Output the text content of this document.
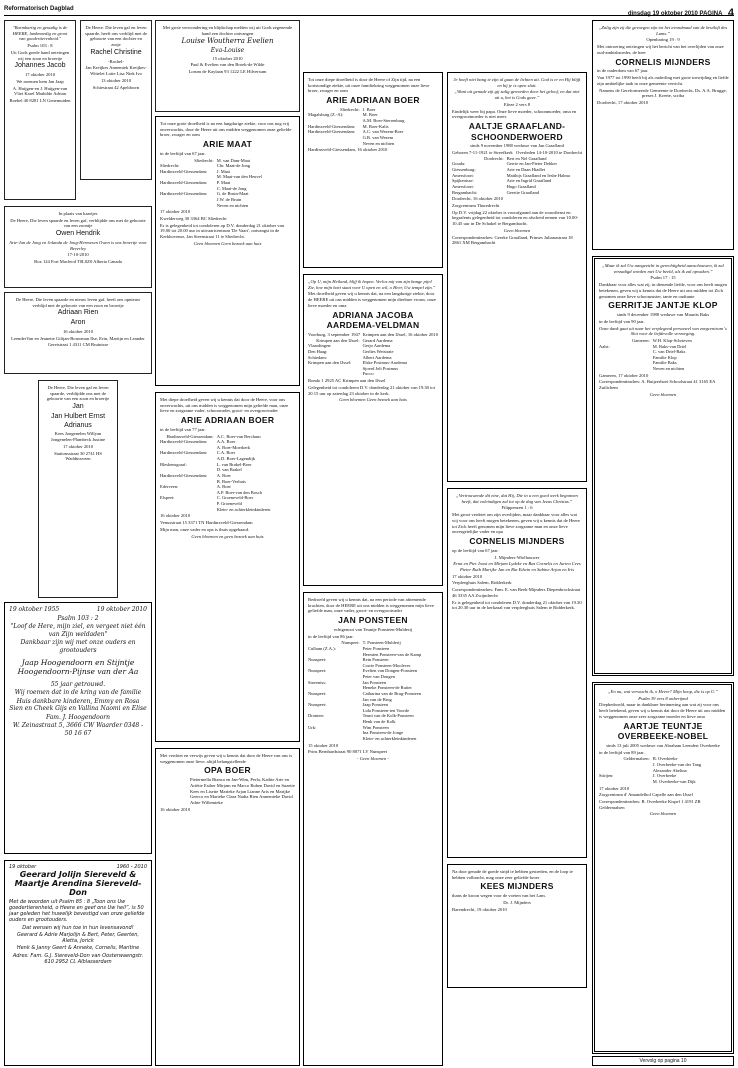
Reformatorisch Dagblad
dinsdag 19 oktober 2010 PAGINA 4

"Barmhartig en genadig is de HEERE, lankmoedig en groot van goedertierenheid."

Psalm 103 : 8

Uit Gods goede hand ontvingen wij een zoon en broertje

Johannes Jacob

17 oktober 2010

We noemen hem Jan Jaap

A. Huijgen-en J. Huijgen-van Vliet Karel Mathilde Adrian

Boebel 40 8281 LN Genemuiden

De Heere. Die leven gaf en leven spaarde, heeft ons verblijd met de geboorte van een dochter en zusje

Rachel Christine

-Rachel-

Jan Kreijkes Annemiek Kreijkes-Wittelet Lotte Lisa Niek Ivo

13 oktober 2010

Schiestraat 42 Apeldoorn

In plaats van kaartjes

De Heere, Die leven spaarde en leven gaf, verblijdde ons met de geboorte van een zoontje

Owen Hendrik

Arie-Jan de Jong en Jolanda de Jong-Hermesen Owen is ons broertje voor Beverley

17-10-2010

Box 124 Fort Macleod T0L0Z0 Alberta Canada

De Heere, Die leven spaarde en nieuw leven gaf, heeft ons opnieuw verblijd met de geboorte van een zoon en broertje

Adriaan Rien

Aron

16 oktober 2010

LeenderVan en Jeanette Gilijan-Bouwman Ilse, Erin, Martijn en Leander

Geretstraat 1 4311 CM Bruinisse

De Heere, Die leven gaf en leven spaarde, verblijdde ons met de geboorte van een zoon en broertje

Jan

Jan Hulbert Ernst Adrianus

Kees Jongenelen Willyan Jongenelen-Plambeck Justine

17 oktober 2010

Stationsstraat 30 2741 HS Waddinxveen

19 oktober 1955	19 oktober 2010

Psalm 103 : 2

"Loof de Here, mijn ziel, en vergeet niet één van Zijn weldaden"

Dankbaar zijn wij met onze ouders en grootouders

Jaap Hoogendoorn en Stijntje Hoogendoorn-Pijnse van der Aa

55 jaar getrouwd.

Wij roemen dat in de kring van de familie

Huis dankbare kinderen, Emmy en Rosa Sien en Cheek Gijs en Vallina Naomi en Elise

Fam. J. Hoogendoorn

W. Zeinastraat 5, 3666 CW Waarder 0348 - 50 16 67

19 oktober	1960 - 2010

Geerard Jolijn Siereveld & Maartje Arendina Siereveld-Don

Met de woorden uit Psalm 85 : 8 „Toon ons Uw goedertierenheid, o Heere en geef ons Uw heil”, is 50 jaar geleden het huwelijk bevestigd van onze geliefde ouders en grootouders.

Dat wensen wij hun toe in hun levensavond!

Geerard & Adrie Marjolijn & Bert, Peter, Geerten, Aletta, Jorick

Henk & Janny Geert & Anneke, Cornelis, Maritine

Adres: Fam. G.J. Siereveld-Don van Oosterwaengstr. 610 2952 CL Alblasserdam

Met grote verwondering en blijdschap melden wij uit Gods zegenende hand een dochter ontvangen

Louise Woutherra Evelien

Eva-Louise

15 oktober 2010

Paul & Evelien van den Broek-de Wilde

Lorum de Kaylaan 93 1222 LE Hilversum

Tot onze grote droefheid is na een langdurige ziekte, voor ons nog vrij onverwachts, door de Heere uit ons midden weggenomen onze geliefde broer, zwager en oom

ARIE MAAT

in de leeftijd van 67 jaar.

Sliedrecht: M. van Dam-Maat
Sliedrecht:	Chr. Maat-de Jong
Hardinxveld-Giessendam:	J. Maat
M. Maat-van den Heuvel
Hardinxveld-Giessendam:	P. Maat
C. Maat-de Jong
Hardinxveld-Giessendam:	G. de Bruin-Maat
J.W. de Bruin
Neven en nichten

17 oktober 2010

Kwelderweg 30 3364 BC Sliedrecht

Er is gelegenheid tot condoleren op D.V. donderdag 21 oktober van 19.00 tot 20.00 uur in uitvaartcentrum 'De Vaart', ontvangst in de Kerkhovense, Jan Steenstraat 11 te Sliedrecht.

Geen bloemen Geen bezoek aan huis

Met diepe droefheid geven wij u kennis dat door de Heere, voor ons onverwachts, uit ons midden is weggenomen mijn geliefde man, onze lieve en zorgzame vader, schoonvader, groot- en overgrootvader

ARIE ADRIAAN BOER

in de leeftijd van 77 jaar.

Hardinxveld-Giessendam: A.C. Boer-van Berchum
Hardinxveld-Giessendam:	A.A. Boer
A. Boer-Moerkerk
Hardinxveld-Giessendam:	C.A. Boer
A.D. Boer-Lagendijk
Bleskensgraaf:	L. van Brakel-Boer
D. van Brakel
Hardinxveld-Giessendam:	A. Boer
B. Boer-Verhuis
Ederveen:	A. Boer
A.P. Boer-van den Bosch
Elspeet:	C. Groeneveld-Boer
P. Groeneveld
Klein- en achterkleinkinderen

16 oktober 2010

Venusstraat 15 3371 TN Hardinxveld-Giessendam

Mijn man, onze vader en opa is thuis opgebaard.

Geen bloemen en geen bezoek aan huis

Met verdriet en verwijs geven wij u kennis dat door de Heere van ons is weggenomen onze lieve, altijd belangstellende

OPA BOER

Pietermella Bianca en Jan-Wim, Perla, Kathie Arie en Ariëtte Esther Mirjam en Marco Ruben David en Suzette Kees en Lisette Marieke Arjan Lianne Aris en Marijke Geerco en Marieke Clara Nadia Bien Annemieke David Adrie Willemieke

16 oktober 2010

Tot onze diepe droefheid is door de Heere of Zijn tijd, na een kortstondige ziekte, uit onze familiekring weggenomen onze lieve broer, zwager en oom

ARIE ADRIAAN BOER

Sliedrecht: J. Boer
Magalsburg (Z.-A):	M. Boer
A.M. Boer-Sterrenburg
Hardinxveld-Giessendam:	M. Boer-Kalis
Hardinxveld-Giessendam:	A.C. van Wezem-Boer
G.R. van Wezem
Neven en nichten

Hardinxveld-Giessendam, 16 oktober 2010

„Op U, mijn Heiland, blijf ik hopen. Verlos mij van zijn bange pijn! Zie, hoe mijn hart staat voor U open en wil, o Heer, Uw tempel zijn.”

Met droefheid geven wij u kennis dat, na een langdurige ziekte, door de HEERE uit ons midden is weggenomen mijn dierbare vrouw, onze lieve moeder en oma

ADRIANA JACOBA AARDEMA-VELDMAN

Voorburg, 3 september 1947 Krimpen aan den IJssel, 16 oktober 2010
Krimpen aan den IJssel: Gerard Aardema
Vlaardingen:	Gerjo Aardema
Den Haag:	Gerlies Wetstrate
Schiedam:	Albert Aardema
Krimpen aan den IJssel:	Elske Postmus-Aardema
Sjoerd Jelt Postmus
Fucco

Rondo 1 2925 AC Krimpen aan den IJssel

Gelegenheid tot condoleren D.V. donderdag 21 oktober van 19.30 tot 20.15 uur op zaterdag 23 oktober in de kerk.

Geen bloemen Geen bezoek aan huis

Bedroefd geven wij u kennis dat, na een periode van afnemende krachten, door de HEERE uit ons midden is weggenomen mijn lieve geliefde man, onze vader, groot- en overgrootvader

JAN PONSTEEN

echtgenoot van Teuntje Ponsteen-Mulderij

in de leeftijd van 86 jaar.

Nunspeet: T. Ponsteen-Mulderij
Culham (Z.A.):	Peter Ponsteen
Hermien Ponsteen-van de Kamp
Nunspeet:	Rein Ponsteen
Corrie Ponsteen-Moolever
Nunspeet:	Evelien van Dongen-Ponsteen
Peter van Dongen
Staveniss:	Jan Ponsteen
Heneke Ponsteen-de Ruiter
Nunspeet:	Catharina van de Brug-Ponsteen
Jan van de Brug
Nunspeet:	Jaap Ponsteen
Lida Ponsteen-ten Voorde
Dronten:	Teuni van de Kolk-Ponsteen
Henk van de Kolk
Urk:	Wim Ponsteen
Ina Ponsteen-de Jonge
Klein- en achterkleinkinderen

15 oktober 2010

Prins Bernhardstraat 90 8071 LV Nunspeet

- Geen bloemen -

Je hoeft niet bang te zijn al gaan de lichten uit. God is er en Hij blijft en bij je is open sluit.

„Want uit genade zijt gij zalig geworden door het geloof, en dat niet uit u, het is Gods gave.”

Efeze 2 vers 8

Eindelijk weer bij papa. Onze lieve moeder, schoonmoeder, oma en overgrootmoeder is niet meer.

AALTJE GRAAFLAND-SCHOONDERWOERD

sinds 9 november 1988 weduwe van Jan Graafland

Geboren 7-11-1921 te Streefkerk Overleden 14-10-2010 te Dordrecht
Dordrecht: Bert en Nel Graafland
Gouda:	Gerrie en Jan-Pieter Dekker
Giessenburg:	Arie en Daan Hiadlet
Amersfoort:	Matthijs Graafland en Iesbe Halma
Spijkenisse:	Arie en Ingrid Graafland
Amersfoort:	Hugo Graafland
Bergambacht:	Geertie Graafland

Dordrecht, 16 oktober 2010

Zorgcentrum Thuredrecht

Op D.V. vrijdag 22 oktober is voorafgaand aan de rouwdienst en begrafenis gelegenheid tot condoleren en afscheid nemen van 10.00-10.45 uur in De Schakel te Bergambacht.

Geen bloemen

Correspondentieadres: Geerke Graafland, Prinses Julianastraat 18 2861 XM Bergambacht

„Vertrouwende dit eine, dat Hij, Die in u een goed werk begonnen heeft, dat voleindigen zal tot op de dag van Jezus Christus.”

Filippenzen 1 : 6

Met groot verdriet om zijn overlijden, maar dankbaar voor alles wat wij voor ons heeft mogen betekenen, geven wij u kennis dat de Heere tot Zich heeft genomen mijn lieve zorgzame man en onze lieve onvergetelijke vader en opa

CORNELIS MIJNDERS

op de leeftijd van 67 jaar.

J. Mijnders-Wielhouwer

Erna en Piet Joost en Mirjam Lydeke en Bas Cornelis en Jurien Cees Pieter Ruth Marijke Jan en Ria Edwin en Sabine Arjan en Iris

17 oktober 2010

Verpleeghuis Salem, Ridderkerk

Correspondentieadres: Fam. E. van Beek-Mijnders Diepenbrockstraat 46 3335 AA Zwijndrecht

Er is gelegenheid tot condoleren D.V. donderdag 21 oktober van 19.30 tot 20.30 uur in de kerkzaal van verpleeghuis Salem te Ridderkerk.

Na door genade de goede strijd te hebben gestreden, en de loop te hebben volbracht, mag onze zeer geliefde broer

KEES MIJNDERS

thans de kroon wegen voor de voeten van het Lam.

Dr. J. Mijnders

Barendrecht, 19 oktober 2010

„Zalig zijn zij die gevoegen zijn tot het avondmaal van de bruiloft des Lams.”

Openbaring 19 : 9

Met ontroering ontvingen wij het bericht van het overlijden van onze oud-ambtsbroeder, de heer

CORNELIS MIJNDERS

in de ouderdom van 67 jaar.

Van 1977 tot 1990 heeft hij als ouderling met grote toewijding en liefde zijn ambtelijke taak in onze gemeente verricht.

Namens de Gereformeerde Gemeente te Dordrecht, Ds. A.A. Brugge, preses J. Kreete, scriba

Dordrecht, 17 oktober 2010

„Maar ik zal Uw aangezicht in gerechtigheid aanschouwen, ik zal verzadigd worden met Uw beeld, als ik zal opwaken.”

Psalm 17 : 15

Dankbaar voor alles wat zij, in dienende liefde, voor ons heeft mogen betekenen, geven wij u kennis dat de Heere uit ons midden tot Zich genomen onze lieve schoonzuster, tante en oudtante

GERRITJE JANTJE KLOP

sinds 9 december 1988 weduwe van Maurits Baks

in de leeftijd van 90 jaar.

Onze dank gaat uit naar het verplegend personeel van zorgcentrum 's Slot voor de liefdevolle verzorging.

Gameren: W.H. Klop-Schrieven
Aalst:	M. Baks-van Driel
C. van Driel-Baks
Familie Klop
Familie Baks
Neven en nichten

Gameren, 17 oktober 2010

Correspondentieadres: A. Buijzerhoet Schoolstraat 41 3165 EA Zuilichem

Geen bloemen

„En nu, wat verwacht ik, o Heere? Mijn hoop, die is op U.”

Psalm 39 vers 8 onberijmd

Diepbedroefd, maar in dankbare herinnering aan wat zij voor ons heeft betekend, geven wij u kennis dat door de Heere uit ons midden is weggenomen onze zeer zorgzame moeder en lieve oma

AARTJE TEUNTJE OVERBEEKE-NOBEL

sinds 13 juli 2005 weduwe van Abraham Leendert Overbeeke

in de leeftijd van 89 jaar.

Geldermalsen: B. Overbeeke
J. Overbeeke-van der Tang
Alexander Abelina
Stirijen:	J. Overbeeke
M. Overbeeke-van Dijk

17 oktober 2010

Zorgcentrum d' Amandelhof Capelle aan den IJssel

Correspondentieadres: B. Overbeeke Kispel 1 4191 ZR Geldermalsen

Geen bloemen

Vervolg op pagina 10
